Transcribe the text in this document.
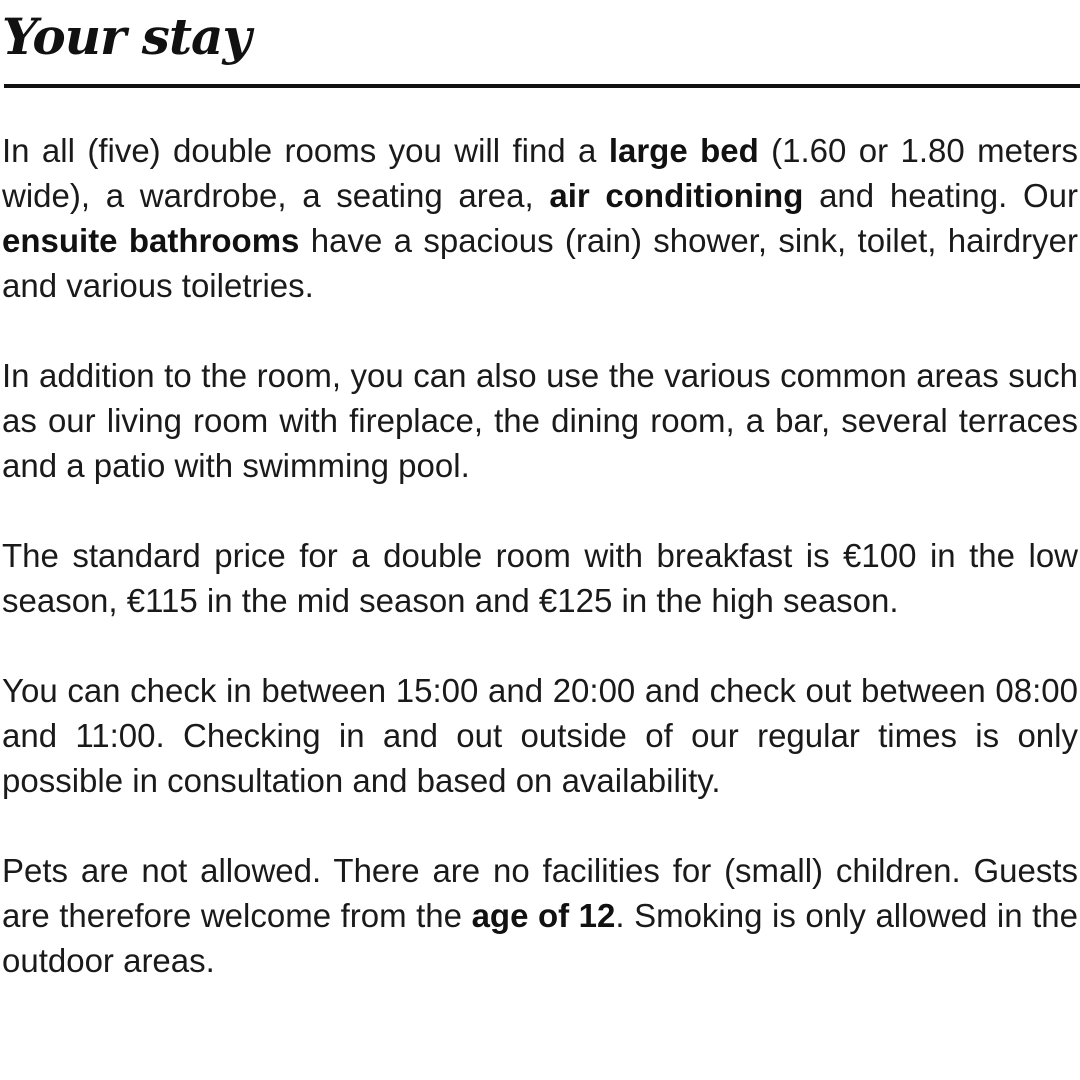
Your stay

In all (five) double rooms you will find a large bed (1.60 or 1.80 meters wide), a wardrobe, a seating area, air conditioning and heating. Our ensuite bathrooms have a spacious (rain) shower, sink, toilet, hairdryer and various toiletries.

In addition to the room, you can also use the various common areas such as our living room with fireplace, the dining room, a bar, several terraces and a patio with swimming pool.

The standard price for a double room with breakfast is €100 in the low season, €115 in the mid season and €125 in the high season.

You can check in between 15:00 and 20:00 and check out between 08:00 and 11:00. Checking in and out outside of our regular times is only possible in consultation and based on availability.

Pets are not allowed. There are no facilities for (small) children. Guests are therefore welcome from the age of 12. Smoking is only allowed in the outdoor areas.
